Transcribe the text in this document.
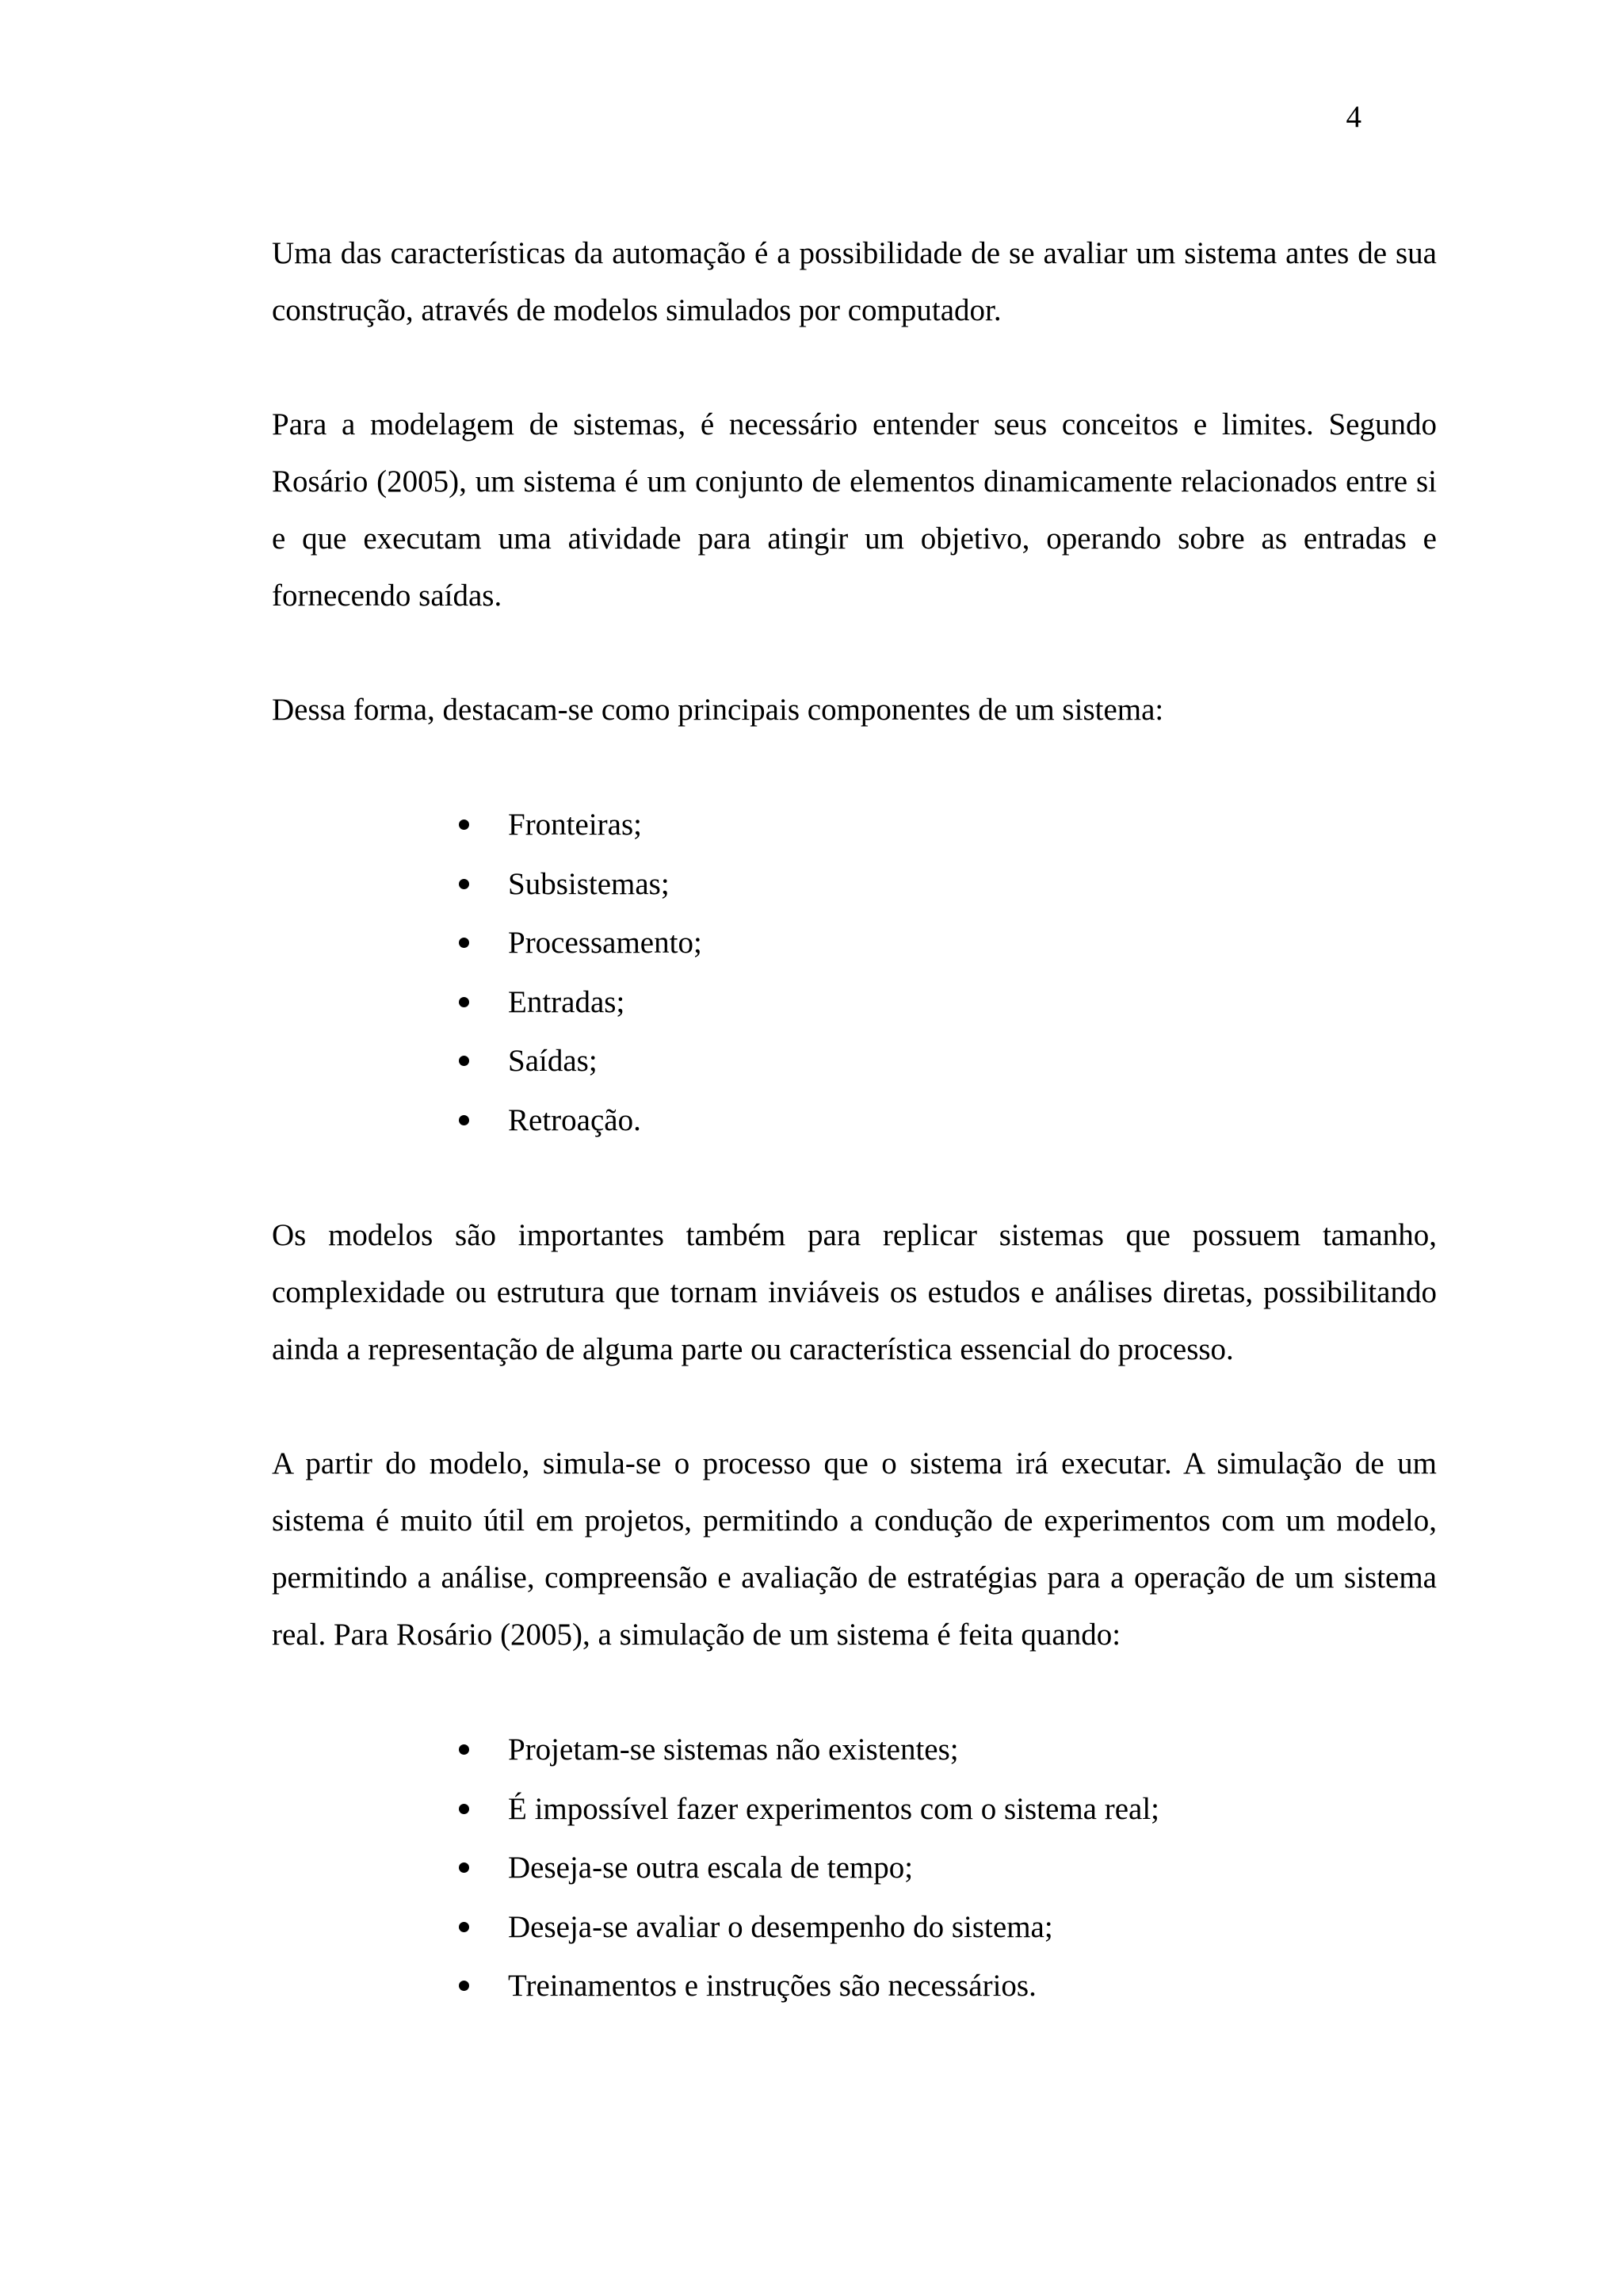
4

Uma das características da automação é a possibilidade de se avaliar um sistema antes de sua construção, através de modelos simulados por computador.

Para a modelagem de sistemas, é necessário entender seus conceitos e limites. Segundo Rosário (2005), um sistema é um conjunto de elementos dinamicamente relacionados entre si e que executam uma atividade para atingir um objetivo, operando sobre as entradas e fornecendo saídas.

Dessa forma, destacam-se como principais componentes de um sistema:

Fronteiras;
Subsistemas;
Processamento;
Entradas;
Saídas;
Retroação.

Os modelos são importantes também para replicar sistemas que possuem tamanho, complexidade ou estrutura que tornam inviáveis os estudos e análises diretas, possibilitando ainda a representação de alguma parte ou característica essencial do processo.

A partir do modelo, simula-se o processo que o sistema irá executar. A simulação de um sistema é muito útil em projetos, permitindo a condução de experimentos com um modelo, permitindo a análise, compreensão e avaliação de estratégias para a operação de um sistema real. Para Rosário (2005), a simulação de um sistema é feita quando:

Projetam-se sistemas não existentes;
É impossível fazer experimentos com o sistema real;
Deseja-se outra escala de tempo;
Deseja-se avaliar o desempenho do sistema;
Treinamentos e instruções são necessários.
